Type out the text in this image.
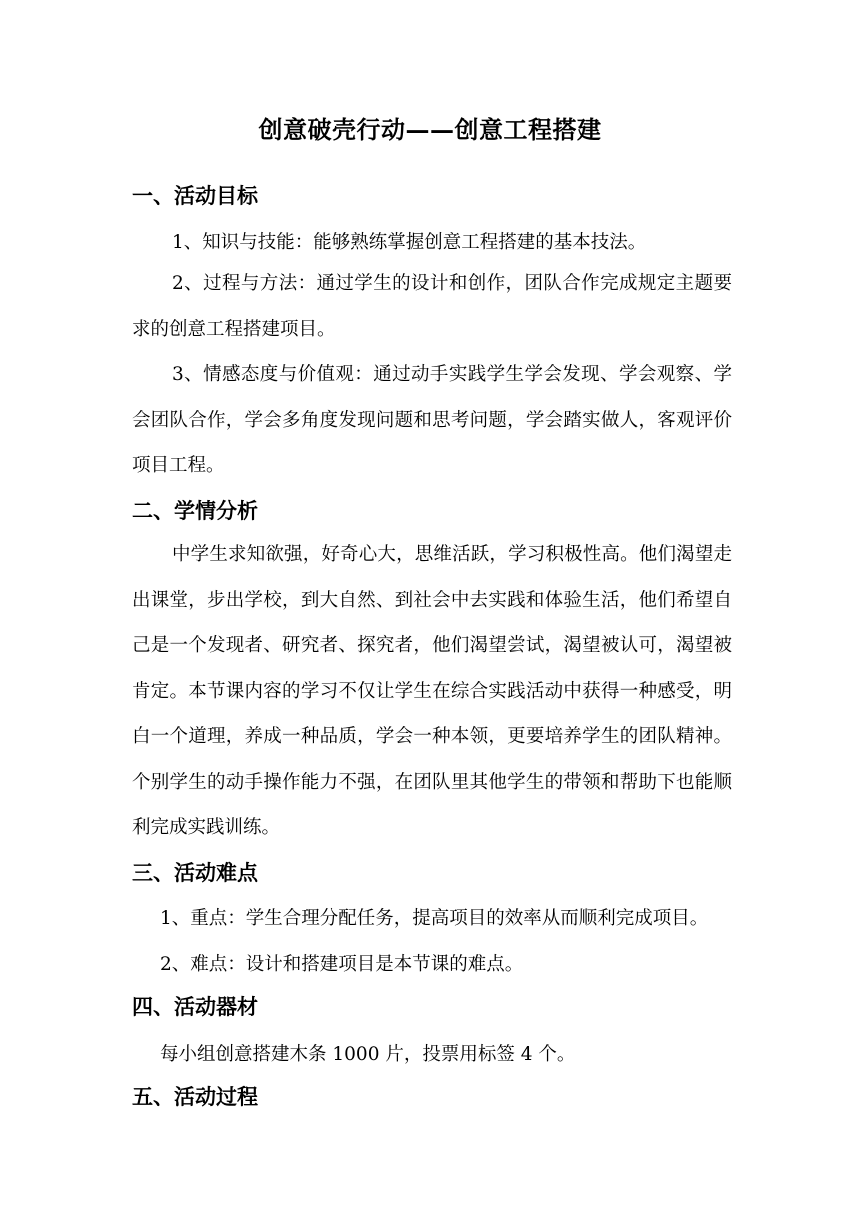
创意破壳行动——创意工程搭建
一、活动目标
1、知识与技能：能够熟练掌握创意工程搭建的基本技法。
2、过程与方法：通过学生的设计和创作，团队合作完成规定主题要求的创意工程搭建项目。
3、情感态度与价值观：通过动手实践学生学会发现、学会观察、学会团队合作，学会多角度发现问题和思考问题，学会踏实做人，客观评价项目工程。
二、学情分析
中学生求知欲强，好奇心大，思维活跃，学习积极性高。他们渴望走出课堂，步出学校，到大自然、到社会中去实践和体验生活，他们希望自己是一个发现者、研究者、探究者，他们渴望尝试，渴望被认可，渴望被肯定。本节课内容的学习不仅让学生在综合实践活动中获得一种感受，明白一个道理，养成一种品质，学会一种本领，更要培养学生的团队精神。个别学生的动手操作能力不强，在团队里其他学生的带领和帮助下也能顺利完成实践训练。
三、活动难点
1、重点：学生合理分配任务，提高项目的效率从而顺利完成项目。
2、难点：设计和搭建项目是本节课的难点。
四、活动器材
每小组创意搭建木条 1000 片，投票用标签 4 个。
五、活动过程
